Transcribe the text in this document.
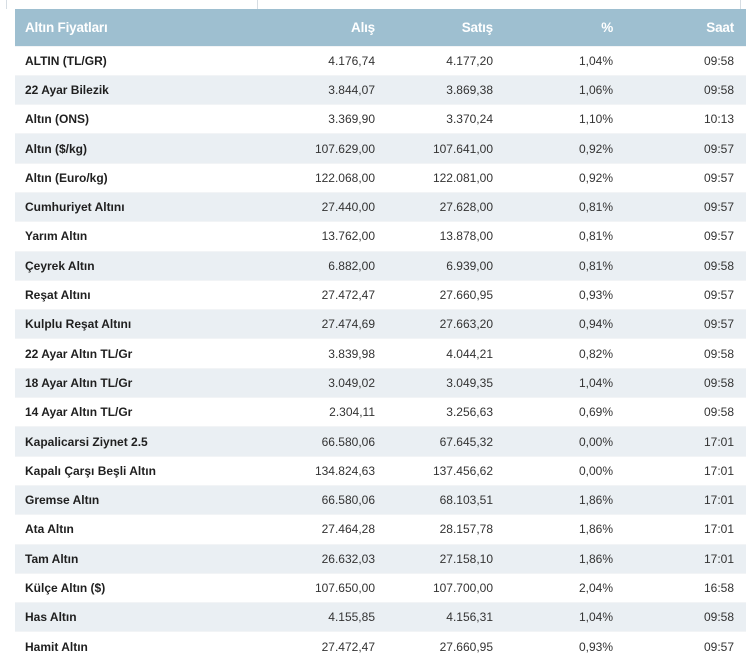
Altın Fiyatları	Alış	Satış	%	Saat
ALTIN (TL/GR)	4.176,74	4.177,20	1,04%	09:58
22 Ayar Bilezik	3.844,07	3.869,38	1,06%	09:58
Altın (ONS)	3.369,90	3.370,24	1,10%	10:13
Altın ($/kg)	107.629,00	107.641,00	0,92%	09:57
Altın (Euro/kg)	122.068,00	122.081,00	0,92%	09:57
Cumhuriyet Altını	27.440,00	27.628,00	0,81%	09:57
Yarım Altın	13.762,00	13.878,00	0,81%	09:57
Çeyrek Altın	6.882,00	6.939,00	0,81%	09:58
Reşat Altını	27.472,47	27.660,95	0,93%	09:57
Kulplu Reşat Altını	27.474,69	27.663,20	0,94%	09:57
22 Ayar Altın TL/Gr	3.839,98	4.044,21	0,82%	09:58
18 Ayar Altın TL/Gr	3.049,02	3.049,35	1,04%	09:58
14 Ayar Altın TL/Gr	2.304,11	3.256,63	0,69%	09:58
Kapalicarsi Ziynet 2.5	66.580,06	67.645,32	0,00%	17:01
Kapalı Çarşı Beşli Altın	134.824,63	137.456,62	0,00%	17:01
Gremse Altın	66.580,06	68.103,51	1,86%	17:01
Ata Altın	27.464,28	28.157,78	1,86%	17:01
Tam Altın	26.632,03	27.158,10	1,86%	17:01
Külçe Altın ($)	107.650,00	107.700,00	2,04%	16:58
Has Altın	4.155,85	4.156,31	1,04%	09:58
Hamit Altın	27.472,47	27.660,95	0,93%	09:57
